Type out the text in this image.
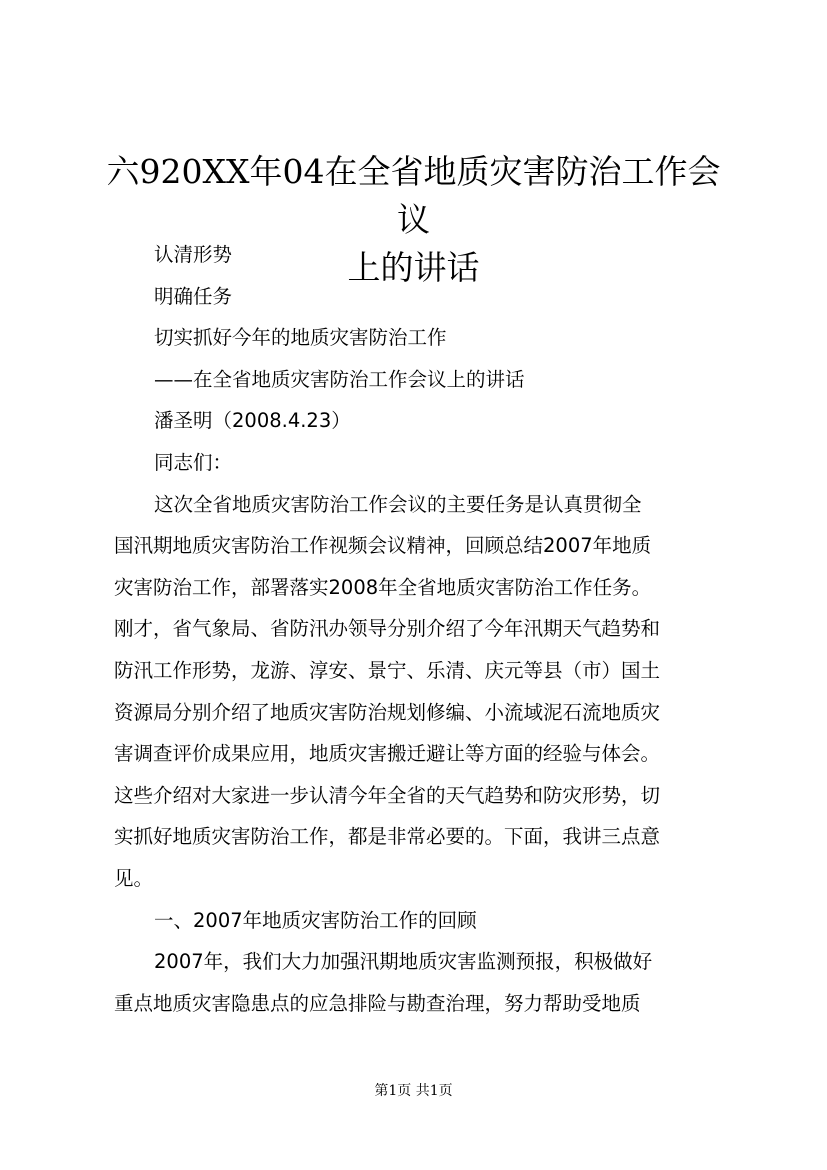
六920XX年04在全省地质灾害防治工作会议
上的讲话

认清形势

明确任务

切实抓好今年的地质灾害防治工作

——在全省地质灾害防治工作会议上的讲话

潘圣明（2008.4.23）

同志们：

这次全省地质灾害防治工作会议的主要任务是认真贯彻全

国汛期地质灾害防治工作视频会议精神，回顾总结2007年地质

灾害防治工作，部署落实2008年全省地质灾害防治工作任务。

刚才，省气象局、省防汛办领导分别介绍了今年汛期天气趋势和

防汛工作形势，龙游、淳安、景宁、乐清、庆元等县（市）国土

资源局分别介绍了地质灾害防治规划修编、小流域泥石流地质灾

害调查评价成果应用，地质灾害搬迁避让等方面的经验与体会。

这些介绍对大家进一步认清今年全省的天气趋势和防灾形势，切

实抓好地质灾害防治工作，都是非常必要的。下面，我讲三点意

见。

一、2007年地质灾害防治工作的回顾

2007年，我们大力加强汛期地质灾害监测预报，积极做好

重点地质灾害隐患点的应急排险与勘查治理，努力帮助受地质

第1页 共1页
